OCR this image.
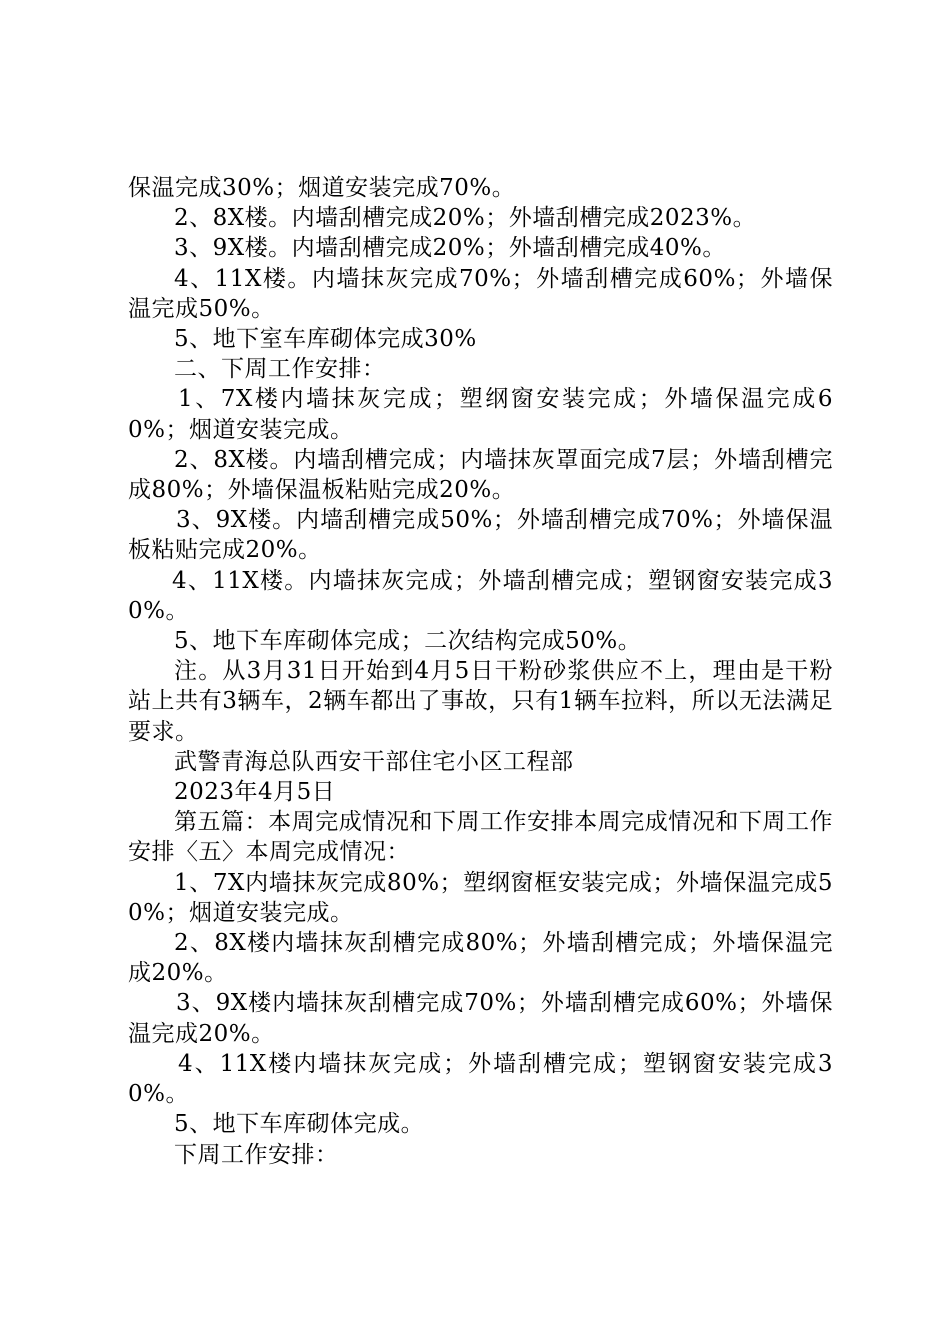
保温完成30%；烟道安装完成70%。

2、8X楼。内墙刮槽完成20%；外墙刮槽完成2023%。

3、9X楼。内墙刮槽完成20%；外墙刮槽完成40%。

4、11X楼。内墙抹灰完成70%；外墙刮槽完成60%；外墙保温完成50%。

5、地下室车库砌体完成30%

二、下周工作安排：

1、7X楼内墙抹灰完成；塑纲窗安装完成；外墙保温完成60%；烟道安装完成。

2、8X楼。内墙刮槽完成；内墙抹灰罩面完成7层；外墙刮槽完成80%；外墙保温板粘贴完成20%。

3、9X楼。内墙刮槽完成50%；外墙刮槽完成70%；外墙保温板粘贴完成20%。

4、11X楼。内墙抹灰完成；外墙刮槽完成；塑钢窗安装完成30%。

5、地下车库砌体完成；二次结构完成50%。

注。从3月31日开始到4月5日干粉砂浆供应不上，理由是干粉站上共有3辆车，2辆车都出了事故，只有1辆车拉料，所以无法满足要求。

武警青海总队西安干部住宅小区工程部

2023年4月5日

第五篇：本周完成情况和下周工作安排本周完成情况和下周工作安排〈五〉本周完成情况：

1、7X内墙抹灰完成80%；塑纲窗框安装完成；外墙保温完成50%；烟道安装完成。

2、8X楼内墙抹灰刮槽完成80%；外墙刮槽完成；外墙保温完成20%。

3、9X楼内墙抹灰刮槽完成70%；外墙刮槽完成60%；外墙保温完成20%。

4、11X楼内墙抹灰完成；外墙刮槽完成；塑钢窗安装完成30%。

5、地下车库砌体完成。

下周工作安排：
